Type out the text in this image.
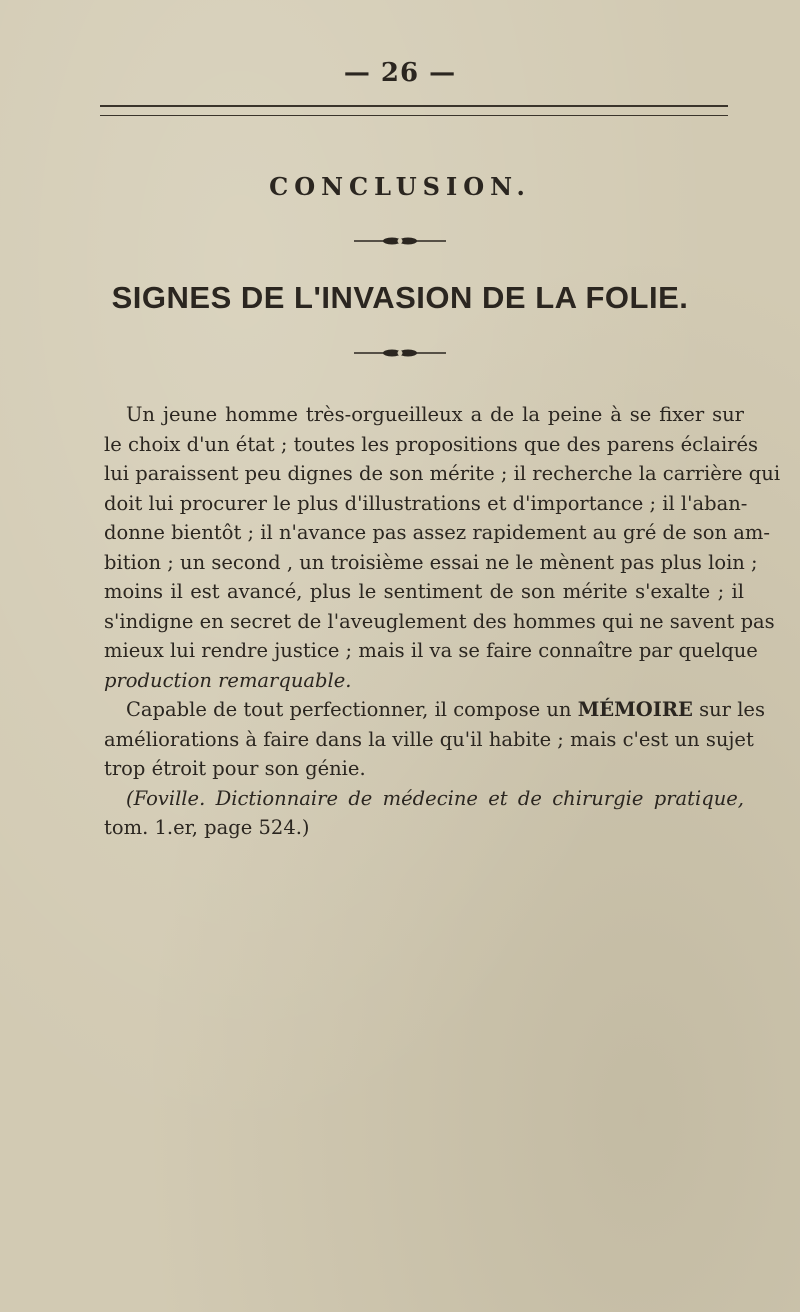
— 26 —
CONCLUSION.
SIGNES DE L'INVASION DE LA FOLIE.
Un jeune homme très-orgueilleux a de la peine à se fixer sur
le choix d'un état ; toutes les propositions que des parens éclairés
lui paraissent peu dignes de son mérite ; il recherche la carrière qui
doit lui procurer le plus d'illustrations et d'importance ; il l'aban-
donne bientôt ; il n'avance pas assez rapidement au gré de son am-
bition ; un second , un troisième essai ne le mènent pas plus loin ;
moins il est avancé, plus le sentiment de son mérite s'exalte ; il
s'indigne en secret de l'aveuglement des hommes qui ne savent pas
mieux lui rendre justice ; mais il va se faire connaître par quelque
production remarquable.
Capable de tout perfectionner, il compose un MÉMOIRE sur les
améliorations à faire dans la ville qu'il habite ; mais c'est un sujet
trop étroit pour son génie.
(Foville. Dictionnaire de médecine et de chirurgie pratique,
tom. 1.er, page 524.)
